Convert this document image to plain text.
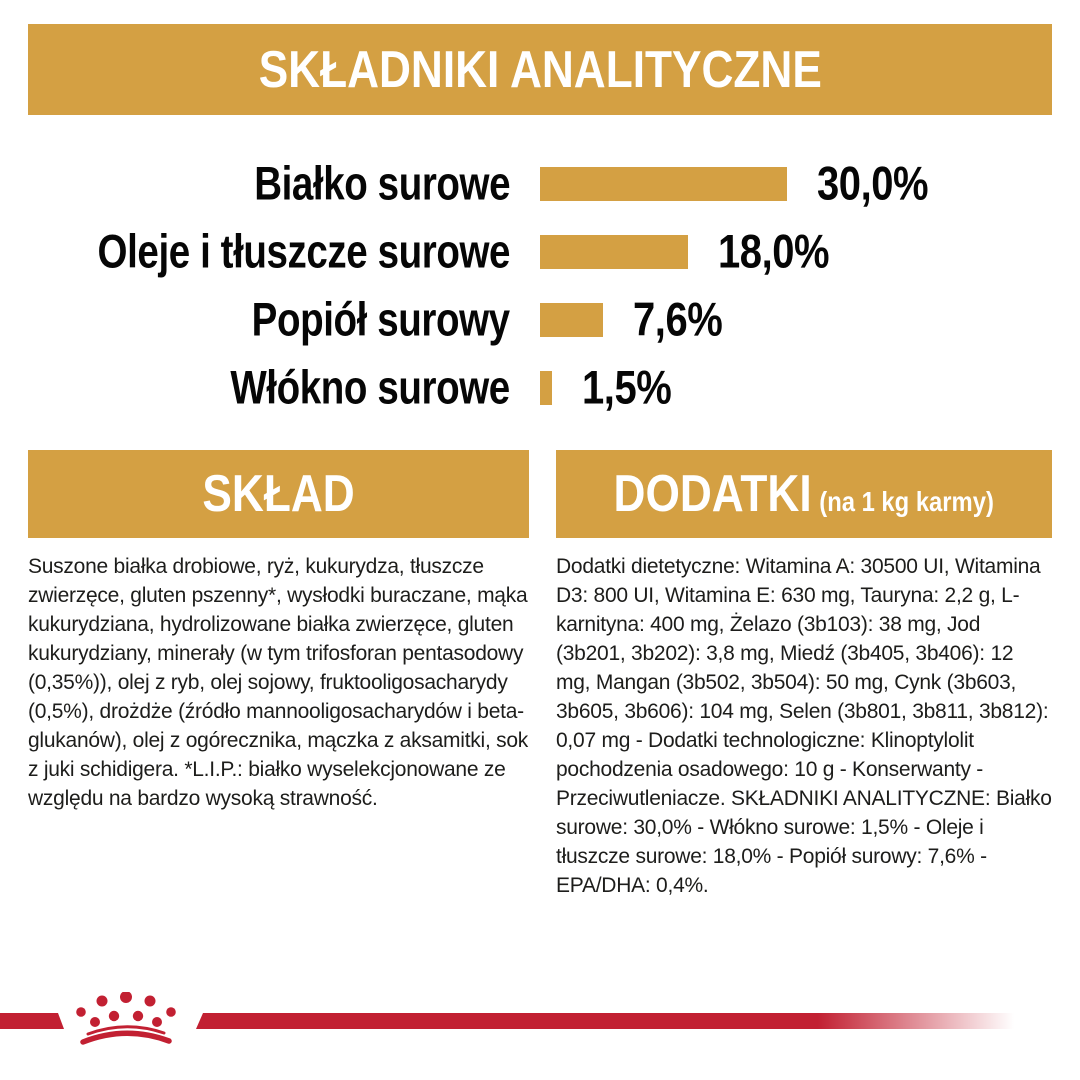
SKŁADNIKI ANALITYCZNE
Białko surowe	30,0%
Oleje i tłuszcze surowe	18,0%
Popiół surowy	7,6%
Włókno surowe 1,5%
SKŁAD

Suszone białka drobiowe, ryż, kukurydza, tłuszcze zwierzęce, gluten pszenny*, wysłodki buraczane, mąka kukurydziana, hydrolizowane białka zwierzęce, gluten kukurydziany, minerały (w tym trifosforan pentasodowy (0,35%)), olej z ryb, olej sojowy, fruktooligosacharydy (0,5%), drożdże (źródło mannooligosacharydów i beta-glukanów), olej z ogórecznika, mączka z aksamitki, sok z juki schidigera. *L.I.P.: białko wyselekcjonowane ze względu na bardzo wysoką strawność.

DODATKI (na 1 kg karmy)

Dodatki dietetyczne: Witamina A: 30500 UI, Witamina D3: 800 UI, Witamina E: 630 mg, Tauryna: 2,2 g, L-karnityna: 400 mg, Żelazo (3b103): 38 mg, Jod (3b201, 3b202): 3,8 mg, Miedź (3b405, 3b406): 12 mg, Mangan (3b502, 3b504): 50 mg, Cynk (3b603, 3b605, 3b606): 104 mg, Selen (3b801, 3b811, 3b812): 0,07 mg - Dodatki technologiczne: Klinoptylolit pochodzenia osadowego: 10 g - Konserwanty - Przeciwutleniacze. SKŁADNIKI ANALITYCZNE: Białko surowe: 30,0% - Włókno surowe: 1,5% - Oleje i tłuszcze surowe: 18,0% - Popiół surowy: 7,6% - EPA/DHA: 0,4%.
